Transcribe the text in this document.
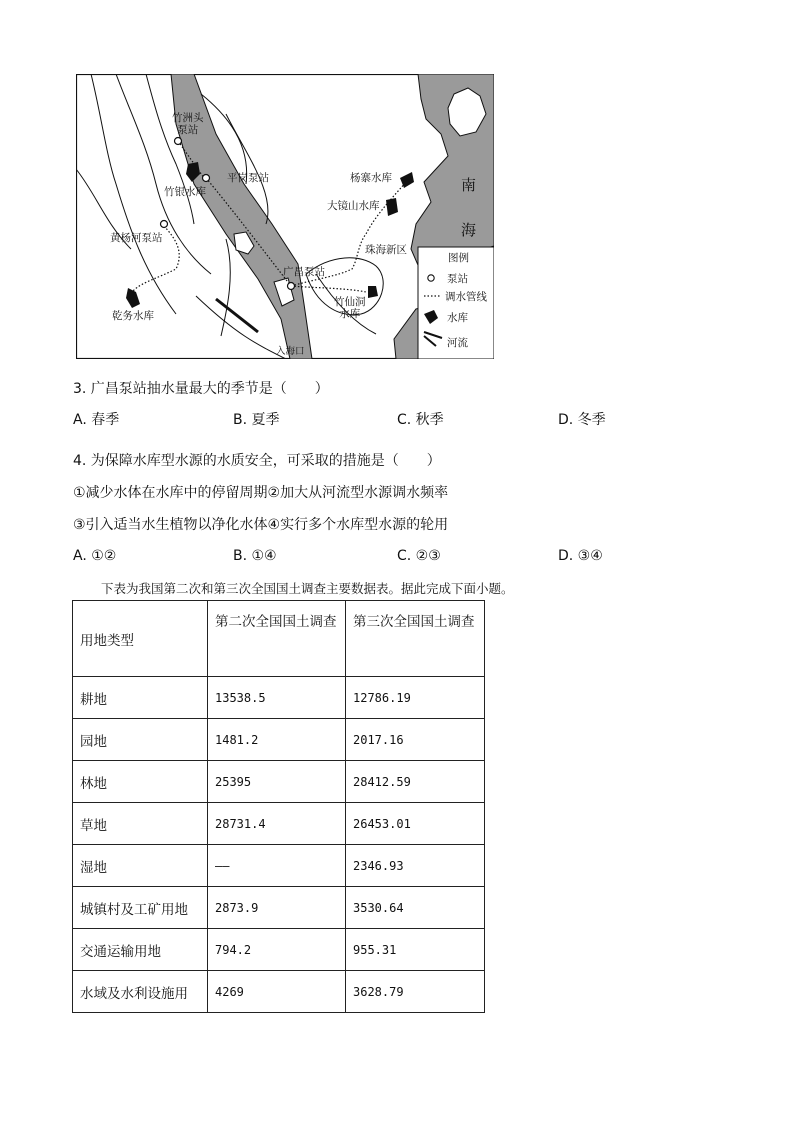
竹洲头
泵站
平岗泵站
竹银水库
黄杨河泵站
乾务水库
杨寨水库
大镜山水库
珠海新区
广昌泵站
竹仙洞
水库
入海口
南
海
图例
泵站
调水管线
水库
河流
3. 广昌泵站抽水量最大的季节是（　　）
A. 春季	B. 夏季	C. 秋季	D. 冬季
4. 为保障水库型水源的水质安全，可采取的措施是（　　）
①减少水体在水库中的停留周期②加大从河流型水源调水频率
③引入适当水生植物以净化水体④实行多个水库型水源的轮用
A. ①②	B. ①④	C. ②③	D. ③④
下表为我国第二次和第三次全国国土调查主要数据表。据此完成下面小题。
用地类型	第二次全国国土调查	第三次全国国土调查
耕地	13538.5	12786.19
园地	1481.2	2017.16
林地	25395	28412.59
草地	28731.4	26453.01
湿地	——	2346.93
城镇村及工矿用地	2873.9	3530.64
交通运输用地	794.2	955.31
水域及水利设施用	4269	3628.79
